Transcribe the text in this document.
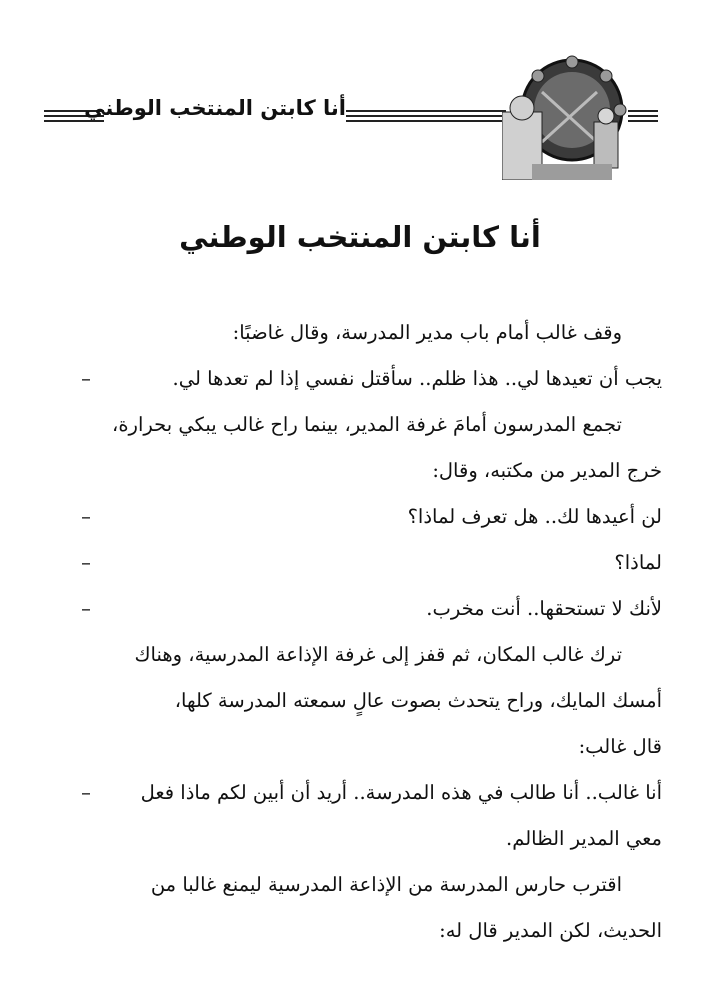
أنا كابتن المنتخب الوطني
أنا كابتن المنتخب الوطني
وقف غالب أمام باب مدير المدرسة، وقال غاضبًا:
يجب أن تعيدها لي.. هذا ظلم.. سأقتل نفسي إذا لم تعدها لي.
–
تجمع المدرسون أمامَ غرفة المدير، بينما راح غالب يبكي بحرارة،
خرج المدير من مكتبه، وقال:
لن أعيدها لك.. هل تعرف لماذا؟
–
لماذا؟
–
لأنك لا تستحقها.. أنت مخرب.
–
ترك غالب المكان، ثم قفز إلى غرفة الإذاعة المدرسية، وهناك
أمسك المايك، وراح يتحدث بصوت عالٍ سمعته المدرسة كلها،
قال غالب:
أنا غالب.. أنا طالب في هذه المدرسة.. أريد أن أبين لكم ماذا فعل
–
معي المدير الظالم.
اقترب حارس المدرسة من الإذاعة المدرسية ليمنع غالبا من
الحديث، لكن المدير قال له:
